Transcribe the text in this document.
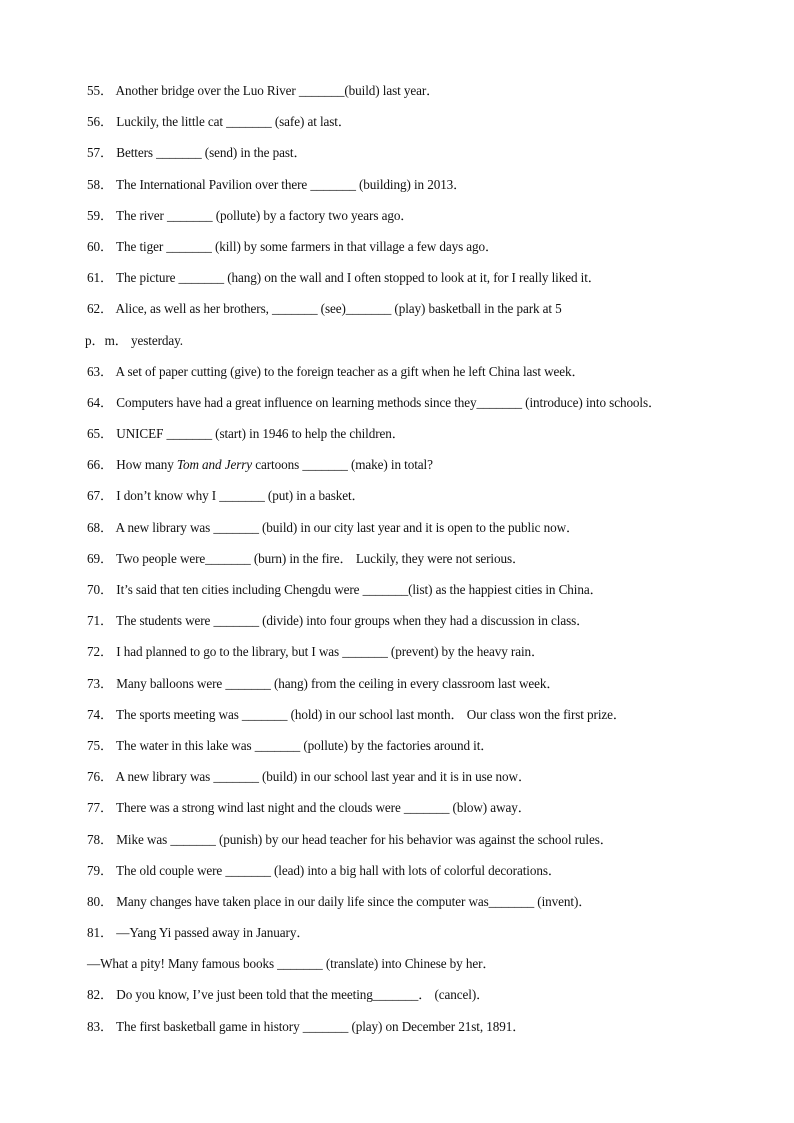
55． Another bridge over the Luo River _______(build) last year．
56． Luckily, the little cat _______ (safe) at last．
57． Betters _______ (send) in the past．
58． The International Pavilion over there _______ (building) in 2013．
59． The river _______ (pollute) by a factory two years ago．
60． The tiger _______ (kill) by some farmers in that village a few days ago．
61． The picture _______ (hang) on the wall and I often stopped to look at it, for I really liked it．
62． Alice, as well as her brothers, _______ (see)_______ (play) basketball in the park at 5
p．m． yesterday.
63． A set of paper cutting (give) to the foreign teacher as a gift when he left China last week．
64． Computers have had a great influence on learning methods since they_______ (introduce) into schools．
65． UNICEF _______ (start) in 1946 to help the children．
66． How many Tom and Jerry cartoons _______ (make) in total?
67． I don’t know why I _______ (put) in a basket．
68． A new library was _______ (build) in our city last year and it is open to the public now．
69． Two people were_______ (burn) in the fire． Luckily, they were not serious．
70． It’s said that ten cities including Chengdu were _______(list) as the happiest cities in China．
71． The students were _______ (divide) into four groups when they had a discussion in class．
72． I had planned to go to the library, but I was _______ (prevent) by the heavy rain．
73． Many balloons were _______ (hang) from the ceiling in every classroom last week．
74． The sports meeting was _______ (hold) in our school last month． Our class won the first prize．
75． The water in this lake was _______ (pollute) by the factories around it．
76． A new library was _______ (build) in our school last year and it is in use now．
77． There was a strong wind last night and the clouds were _______ (blow) away．
78． Mike was _______ (punish) by our head teacher for his behavior was against the school rules．
79． The old couple were _______ (lead) into a big hall with lots of colorful decorations．
80． Many changes have taken place in our daily life since the computer was_______ (invent)．
81． —Yang Yi passed away in January．
—What a pity! Many famous books _______ (translate) into Chinese by her．
82． Do you know, I’ve just been told that the meeting_______． (cancel)．
83． The first basketball game in history _______ (play) on December 21st, 1891．
